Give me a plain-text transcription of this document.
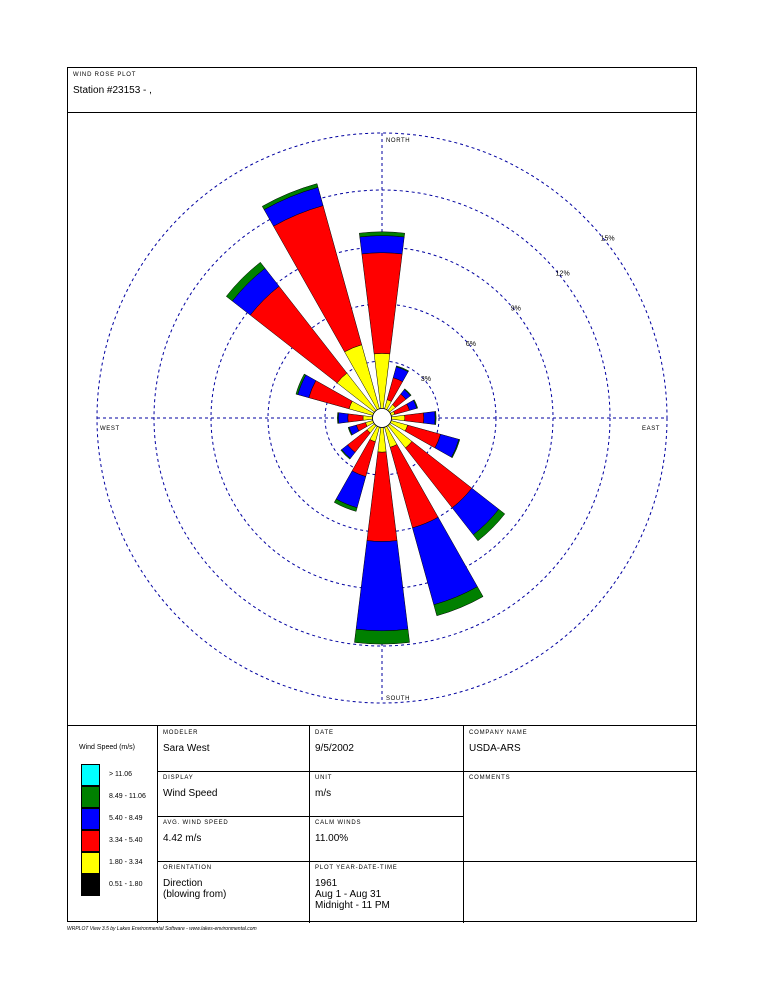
WIND ROSE PLOT
Station #23153 - ,
3%
6%
9%
12%
15%
NORTH
SOUTH
EAST
WEST
Wind Speed (m/s)
> 11.06
8.49 - 11.06
5.40 - 8.49
3.34 - 5.40
1.80 - 3.34
0.51 - 1.80
MODELER
Sara West
DATE
9/5/2002
COMPANY NAME
USDA-ARS
DISPLAY
Wind Speed
UNIT
m/s
COMMENTS
AVG. WIND SPEED
4.42 m/s
CALM WINDS
11.00%
ORIENTATION
Direction
(blowing from)
PLOT YEAR-DATE-TIME
1961
Aug 1 - Aug 31
Midnight - 11 PM
WRPLOT View 3.5 by Lakes Environmental Software - www.lakes-environmental.com
